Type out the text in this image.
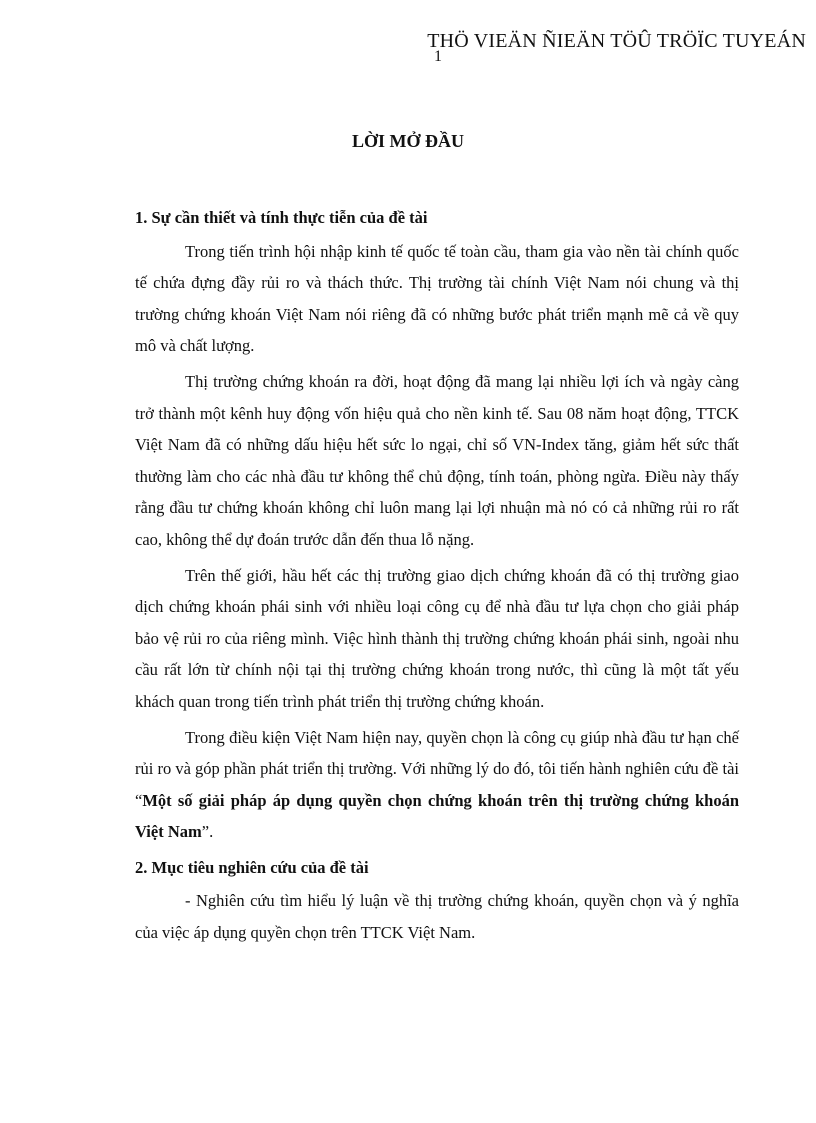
THÖ VIEÄN ÑIEÄN TÖÛ TRÖÏC TUYEÁN
1
LỜI MỞ ĐẦU
1. Sự cần thiết và tính thực tiễn của đề tài

Trong tiến trình hội nhập kinh tế quốc tế toàn cầu, tham gia vào nền tài chính quốc tế chứa đựng đầy rủi ro và thách thức. Thị trường tài chính Việt Nam nói chung và thị trường chứng khoán Việt Nam nói riêng đã có những bước phát triển mạnh mẽ cả về quy mô và chất lượng.

Thị trường chứng khoán ra đời, hoạt động đã mang lại nhiều lợi ích và ngày càng trở thành một kênh huy động vốn hiệu quả cho nền kinh tế. Sau 08 năm hoạt động, TTCK Việt Nam đã có những dấu hiệu hết sức lo ngại, chỉ số VN-Index tăng, giảm hết sức thất thường làm cho các nhà đầu tư không thể chủ động, tính toán, phòng ngừa. Điều này thấy rằng đầu tư chứng khoán không chỉ luôn mang lại lợi nhuận mà nó có cả những rủi ro rất cao, không thể dự đoán trước dẫn đến thua lỗ nặng.

Trên thế giới, hầu hết các thị trường giao dịch chứng khoán đã có thị trường giao dịch chứng khoán phái sinh với nhiều loại công cụ để nhà đầu tư lựa chọn cho giải pháp bảo vệ rủi ro của riêng mình. Việc hình thành thị trường chứng khoán phái sinh, ngoài nhu cầu rất lớn từ chính nội tại thị trường chứng khoán trong nước, thì cũng là một tất yếu khách quan trong tiến trình phát triển thị trường chứng khoán.

Trong điều kiện Việt Nam hiện nay, quyền chọn là công cụ giúp nhà đầu tư hạn chế rủi ro và góp phần phát triển thị trường. Với những lý do đó, tôi tiến hành nghiên cứu đề tài “Một số giải pháp áp dụng quyền chọn chứng khoán trên thị trường chứng khoán Việt Nam”.

2. Mục tiêu nghiên cứu của đề tài

- Nghiên cứu tìm hiểu lý luận về thị trường chứng khoán, quyền chọn và ý nghĩa của việc áp dụng quyền chọn trên TTCK Việt Nam.
